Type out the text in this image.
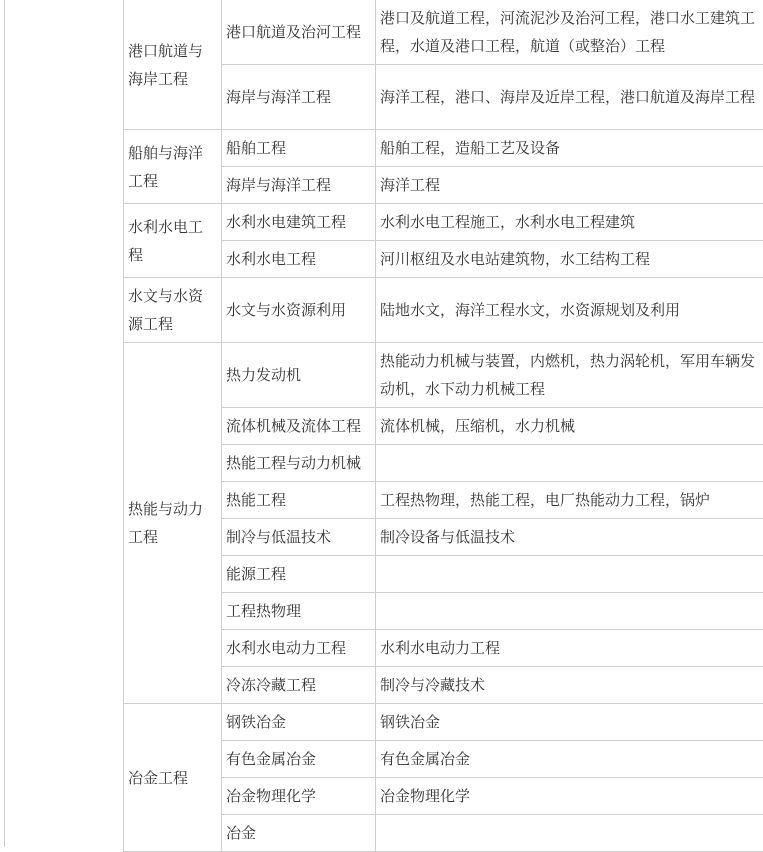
港口航道与海岸工程	港口航道及治河工程	港口及航道工程，河流泥沙及治河工程，港口水工建筑工程，水道及港口工程，航道（或整治）工程
	海岸与海洋工程	海洋工程，港口、海岸及近岸工程，港口航道及海岸工程
船舶与海洋工程	船舶工程	船舶工程，造船工艺及设备
	海岸与海洋工程	海洋工程
水利水电工程	水利水电建筑工程	水利水电工程施工，水利水电工程建筑
	水利水电工程	河川枢纽及水电站建筑物，水工结构工程
水文与水资源工程	水文与水资源利用	陆地水文，海洋工程水文，水资源规划及利用
热能与动力工程	热力发动机	热能动力机械与装置，内燃机，热力涡轮机，军用车辆发动机，水下动力机械工程
	流体机械及流体工程	流体机械，压缩机，水力机械
	热能工程与动力机械	
	热能工程	工程热物理，热能工程，电厂热能动力工程，锅炉
	制冷与低温技术	制冷设备与低温技术
	能源工程	
	工程热物理	
	水利水电动力工程	水利水电动力工程
	冷冻冷藏工程	制冷与冷藏技术
冶金工程	钢铁冶金	钢铁冶金
	有色金属冶金	有色金属冶金
	冶金物理化学	冶金物理化学
	冶金	
